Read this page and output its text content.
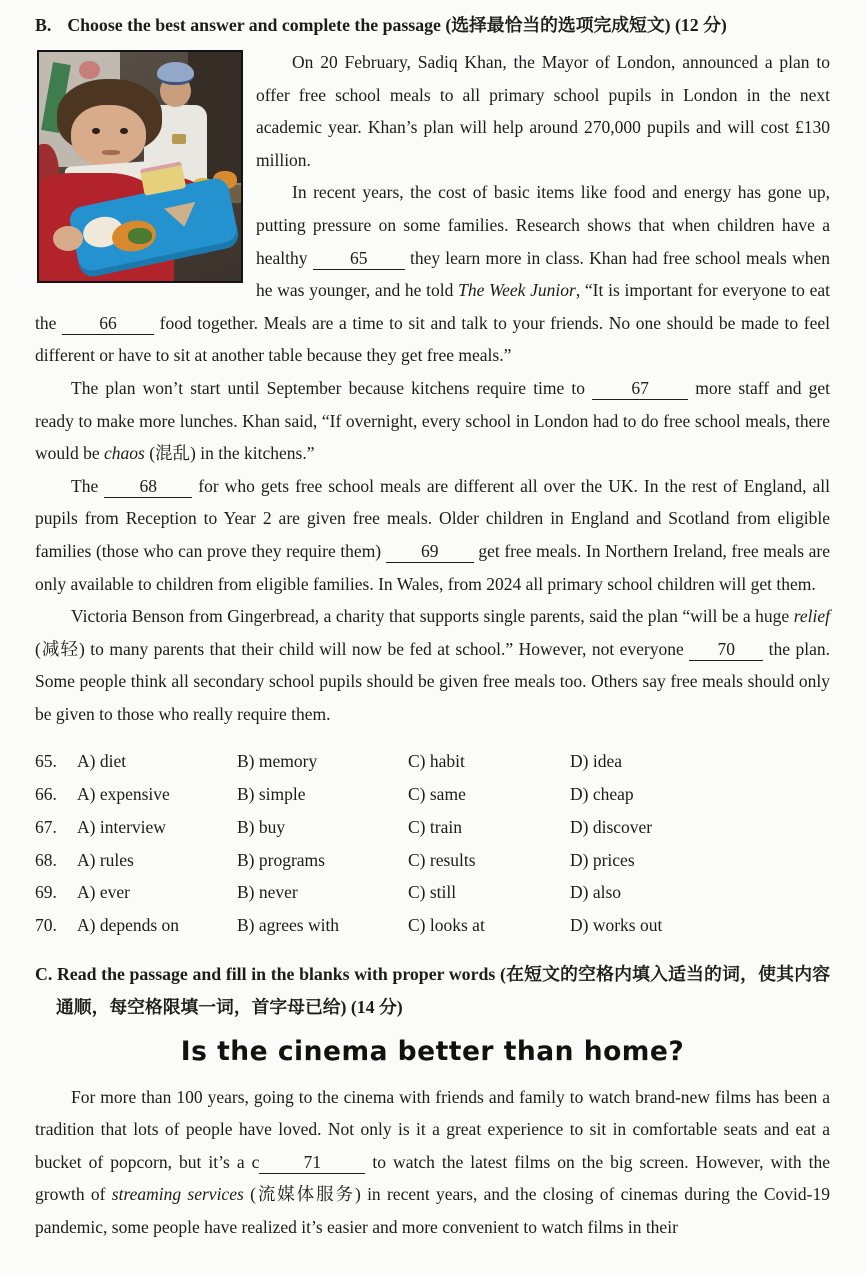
B. Choose the best answer and complete the passage (选择最恰当的选项完成短文) (12 分)

On 20 February, Sadiq Khan, the Mayor of London, announced a plan to offer free school meals to all primary school pupils in London in the next academic year. Khan’s plan will help around 270,000 pupils and will cost £130 million.

In recent years, the cost of basic items like food and energy has gone up, putting pressure on some families. Research shows that when children have a healthy 65 they learn more in class. Khan had free school meals when he was younger, and he told The Week Junior, “It is important for everyone to eat the 66 food together. Meals are a time to sit and talk to your friends. No one should be made to feel different or have to sit at another table because they get free meals.”

The plan won’t start until September because kitchens require time to 67 more staff and get ready to make more lunches. Khan said, “If overnight, every school in London had to do free school meals, there would be chaos (混乱) in the kitchens.”

The 68 for who gets free school meals are different all over the UK. In the rest of England, all pupils from Reception to Year 2 are given free meals. Older children in England and Scotland from eligible families (those who can prove they require them) 69 get free meals. In Northern Ireland, free meals are only available to children from eligible families. In Wales, from 2024 all primary school children will get them.

Victoria Benson from Gingerbread, a charity that supports single parents, said the plan “will be a huge relief (减轻) to many parents that their child will now be fed at school.” However, not everyone 70 the plan. Some people think all secondary school pupils should be given free meals too. Others say free meals should only be given to those who really require them.

65.	A) diet	B) memory	C) habit	D) idea
66.	A) expensive	B) simple	C) same	D) cheap
67.	A) interview	B) buy	C) train	D) discover
68.	A) rules	B) programs	C) results	D) prices
69.	A) ever	B) never	C) still	D) also
70.	A) depends on	B) agrees with	C) looks at	D) works out
C. Read the passage and fill in the blanks with proper words (在短文的空格内填入适当的词，使其内容通顺，每空格限填一词，首字母已给) (14 分)
Is the cinema better than home?

For more than 100 years, going to the cinema with friends and family to watch brand-new films has been a tradition that lots of people have loved. Not only is it a great experience to sit in comfortable seats and eat a bucket of popcorn, but it’s a c	71	to watch the latest films on the big screen. However, with the growth of streaming services (流媒体服务) in recent years, and the closing of cinemas during the Covid-19 pandemic, some people have realized it’s easier and more convenient to watch films in their
